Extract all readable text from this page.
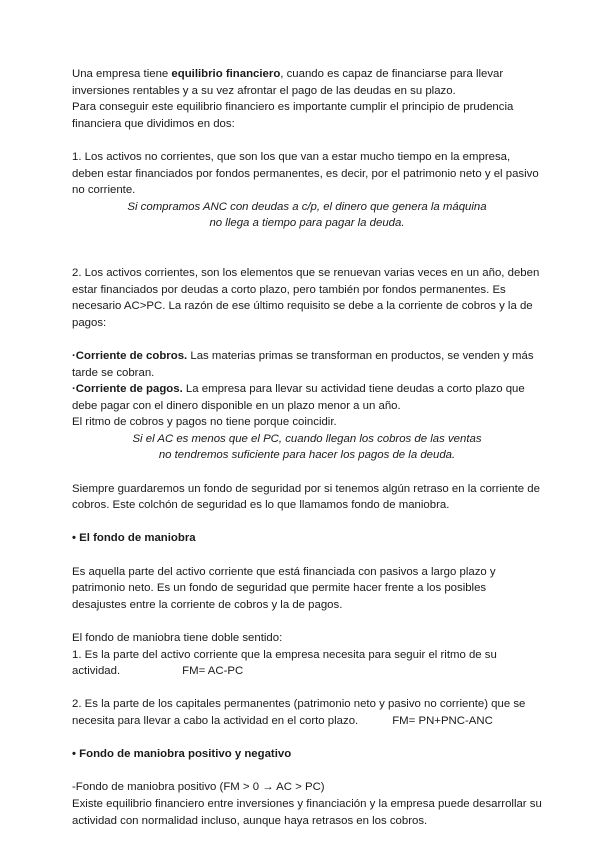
Una empresa tiene equilibrio financiero, cuando es capaz de financiarse para llevar inversiones rentables y a su vez afrontar el pago de las deudas en su plazo.

Para conseguir este equilibrio financiero es importante cumplir el principio de prudencia financiera que dividimos en dos:

1. Los activos no corrientes, que son los que van a estar mucho tiempo en la empresa, deben estar financiados por fondos permanentes, es decir, por el patrimonio neto y el pasivo no corriente.

Si compramos ANC con deudas a c/p, el dinero que genera la máquina

no llega a tiempo para pagar la deuda.

2. Los activos corrientes, son los elementos que se renuevan varias veces en un año, deben estar financiados por deudas a corto plazo, pero también por fondos permanentes. Es necesario AC>PC. La razón de ese último requisito se debe a la corriente de cobros y la de pagos:

·Corriente de cobros. Las materias primas se transforman en productos, se venden y más tarde se cobran.

·Corriente de pagos. La empresa para llevar su actividad tiene deudas a corto plazo que debe pagar con el dinero disponible en un plazo menor a un año.

El ritmo de cobros y pagos no tiene porque coincidir.

Si el AC es menos que el PC, cuando llegan los cobros de las ventas

no tendremos suficiente para hacer los pagos de la deuda.

Siempre guardaremos un fondo de seguridad por si tenemos algún retraso en la corriente de cobros. Este colchón de seguridad es lo que llamamos fondo de maniobra.

• El fondo de maniobra

Es aquella parte del activo corriente que está financiada con pasivos a largo plazo y patrimonio neto. Es un fondo de seguridad que permite hacer frente a los posibles desajustes entre la corriente de cobros y la de pagos.

El fondo de maniobra tiene doble sentido:

1. Es la parte del activo corriente que la empresa necesita para seguir el ritmo de su actividad.	FM= AC-PC

2. Es la parte de los capitales permanentes (patrimonio neto y pasivo no corriente) que se necesita para llevar a cabo la actividad en el corto plazo.	FM= PN+PNC-ANC

• Fondo de maniobra positivo y negativo

-Fondo de maniobra positivo (FM > 0 → AC > PC)

Existe equilibrio financiero entre inversiones y financiación y la empresa puede desarrollar su actividad con normalidad incluso, aunque haya retrasos en los cobros.
